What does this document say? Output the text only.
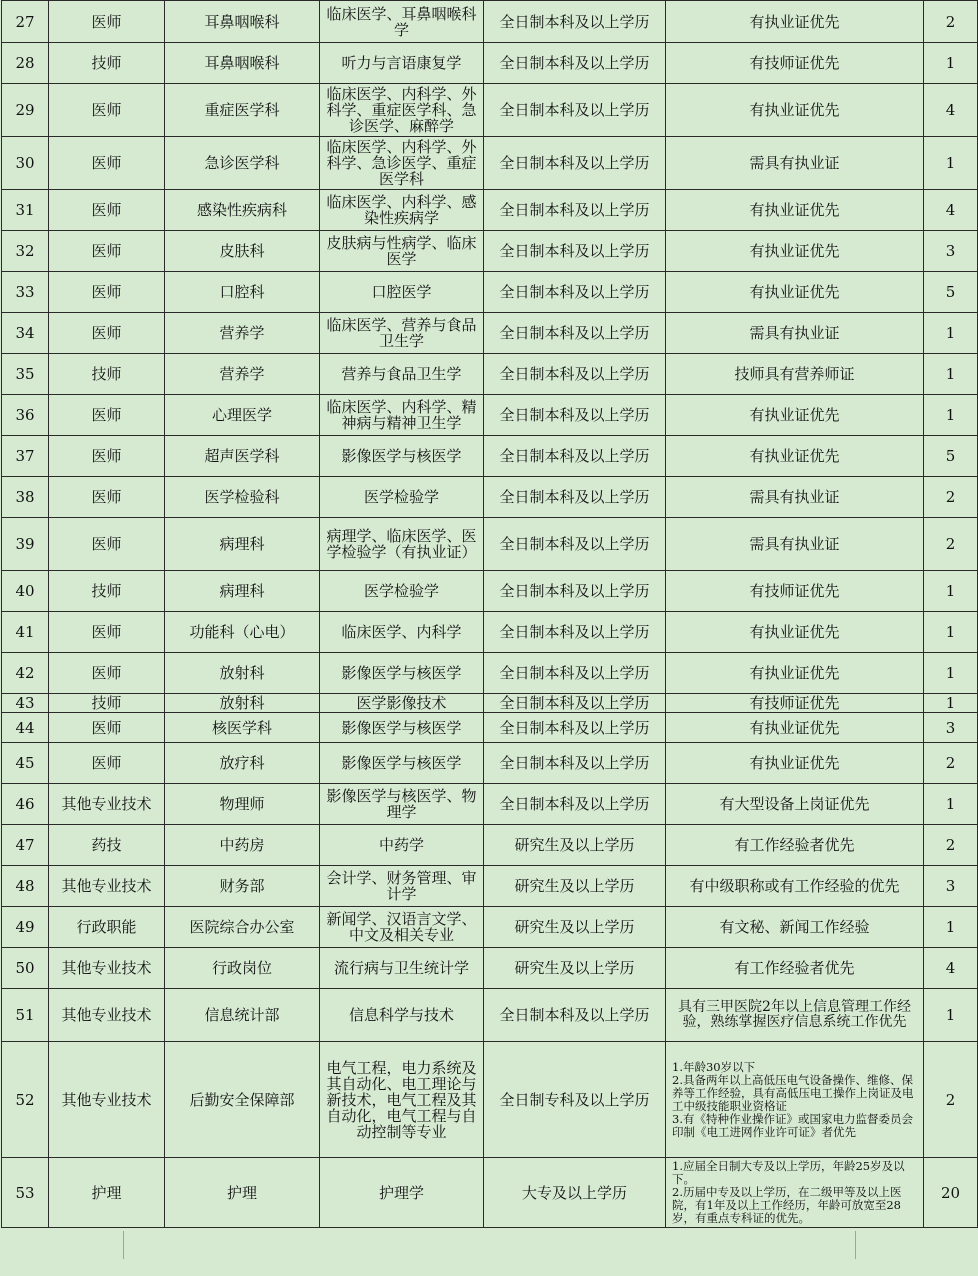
27	医师	耳鼻咽喉科	临床医学、耳鼻咽喉科学	全日制本科及以上学历	有执业证优先	2
28	技师	耳鼻咽喉科	听力与言语康复学	全日制本科及以上学历	有技师证优先	1
29	医师	重症医学科	临床医学、内科学、外科学、重症医学科、急诊医学、麻醉学	全日制本科及以上学历	有执业证优先	4
30	医师	急诊医学科	临床医学、内科学、外科学、急诊医学、重症医学科	全日制本科及以上学历	需具有执业证	1
31	医师	感染性疾病科	临床医学、内科学、感染性疾病学	全日制本科及以上学历	有执业证优先	4
32	医师	皮肤科	皮肤病与性病学、临床医学	全日制本科及以上学历	有执业证优先	3
33	医师	口腔科	口腔医学	全日制本科及以上学历	有执业证优先	5
34	医师	营养学	临床医学、营养与食品卫生学	全日制本科及以上学历	需具有执业证	1
35	技师	营养学	营养与食品卫生学	全日制本科及以上学历	技师具有营养师证	1
36	医师	心理医学	临床医学、内科学、精神病与精神卫生学	全日制本科及以上学历	有执业证优先	1
37	医师	超声医学科	影像医学与核医学	全日制本科及以上学历	有执业证优先	5
38	医师	医学检验科	医学检验学	全日制本科及以上学历	需具有执业证	2
39	医师	病理科	病理学、临床医学、医学检验学（有执业证）	全日制本科及以上学历	需具有执业证	2
40	技师	病理科	医学检验学	全日制本科及以上学历	有技师证优先	1
41	医师	功能科（心电）	临床医学、内科学	全日制本科及以上学历	有执业证优先	1
42	医师	放射科	影像医学与核医学	全日制本科及以上学历	有执业证优先	1
43	技师	放射科	医学影像技术	全日制本科及以上学历	有技师证优先	1
44	医师	核医学科	影像医学与核医学	全日制本科及以上学历	有执业证优先	3
45	医师	放疗科	影像医学与核医学	全日制本科及以上学历	有执业证优先	2
46	其他专业技术	物理师	影像医学与核医学、物理学	全日制本科及以上学历	有大型设备上岗证优先	1
47	药技	中药房	中药学	研究生及以上学历	有工作经验者优先	2
48	其他专业技术	财务部	会计学、财务管理、审计学	研究生及以上学历	有中级职称或有工作经验的优先	3
49	行政职能	医院综合办公室	新闻学、汉语言文学、中文及相关专业	研究生及以上学历	有文秘、新闻工作经验	1
50	其他专业技术	行政岗位	流行病与卫生统计学	研究生及以上学历	有工作经验者优先	4
51	其他专业技术	信息统计部	信息科学与技术	全日制本科及以上学历	具有三甲医院2年以上信息管理工作经验，熟练掌握医疗信息系统工作优先	1
52	其他专业技术	后勤安全保障部	电气工程，电力系统及其自动化、电工理论与新技术，电气工程及其自动化，电气工程与自动控制等专业	全日制专科及以上学历	1.年龄30岁以下
2.具备两年以上高低压电气设备操作、维修、保养等工作经验，具有高低压电工操作上岗证及电工中级技能职业资格证
3.有《特种作业操作证》或国家电力监督委员会印制《电工进网作业许可证》者优先	2
53	护理	护理	护理学	大专及以上学历	1.应届全日制大专及以上学历，年龄25岁及以下。
2.历届中专及以上学历，在二级甲等及以上医院，有1年及以上工作经历，年龄可放宽至28岁，有重点专科证的优先。	20
